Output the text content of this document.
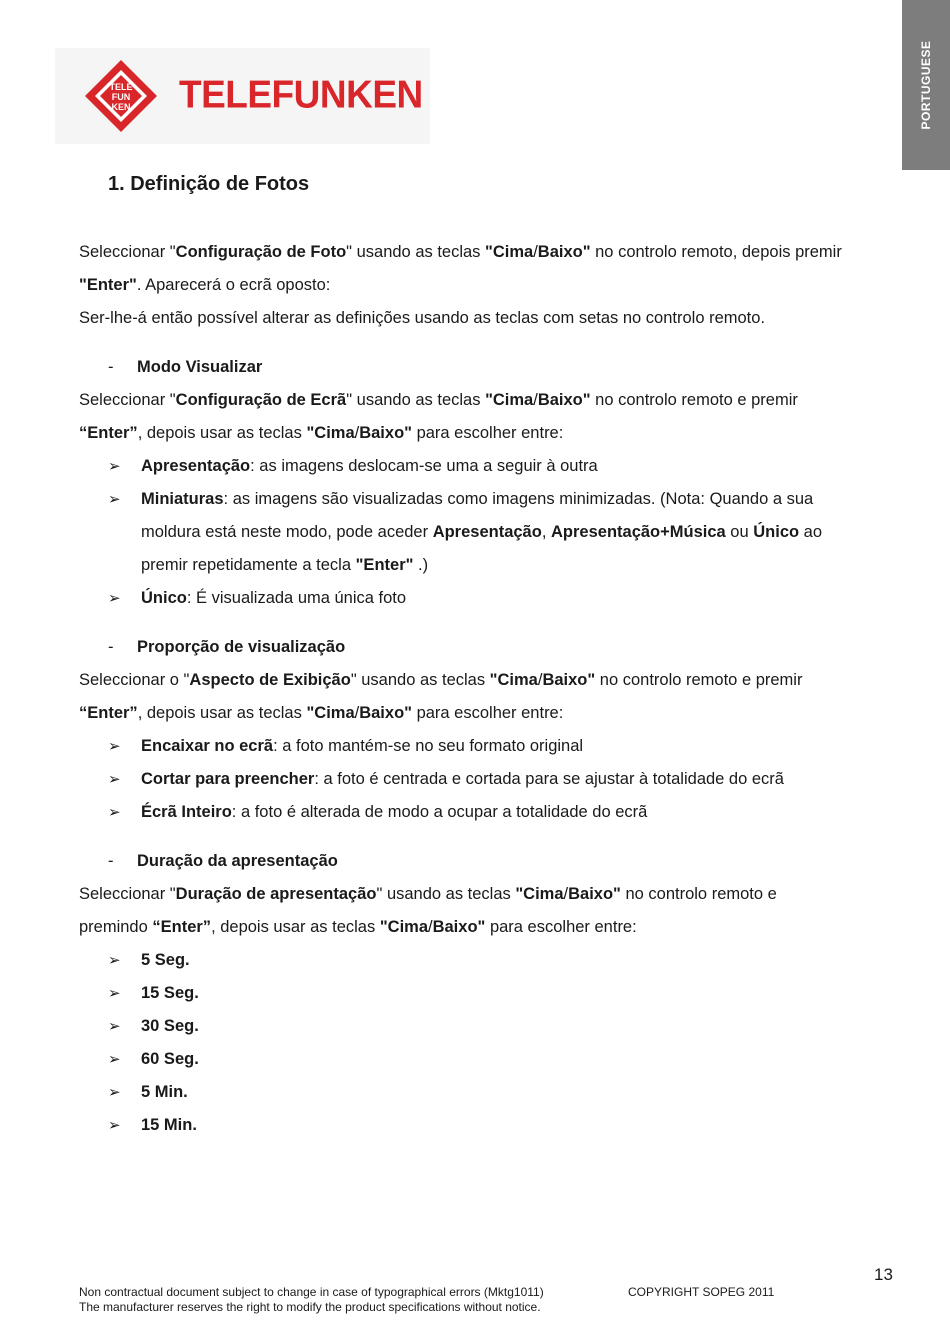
PORTUGUESE
TELE
FUN
KEN TELEFUNKEN
1. Definição de Fotos
Seleccionar "Configuração de Foto" usando as teclas "Cima/Baixo" no controlo remoto, depois premir
"Enter". Aparecerá o ecrã oposto:
Ser-lhe-á então possível alterar as definições usando as teclas com setas no controlo remoto.
- Modo Visualizar
Seleccionar "Configuração de Ecrã" usando as teclas "Cima/Baixo" no controlo remoto e premir
“Enter”, depois usar as teclas "Cima/Baixo" para escolher entre:
➢ Apresentação: as imagens deslocam-se uma a seguir à outra
➢ Miniaturas: as imagens são visualizadas como imagens minimizadas. (Nota: Quando a sua
moldura está neste modo, pode aceder Apresentação, Apresentação+Música ou Único ao
premir repetidamente a tecla "Enter" .)
➢ Único: É visualizada uma única foto
- Proporção de visualização
Seleccionar o "Aspecto de Exibição" usando as teclas "Cima/Baixo" no controlo remoto e premir
“Enter”, depois usar as teclas "Cima/Baixo" para escolher entre:
➢ Encaixar no ecrã: a foto mantém-se no seu formato original
➢ Cortar para preencher: a foto é centrada e cortada para se ajustar à totalidade do ecrã
➢ Écrã Inteiro: a foto é alterada de modo a ocupar a totalidade do ecrã
- Duração da apresentação
Seleccionar "Duração de apresentação" usando as teclas "Cima/Baixo" no controlo remoto e
premindo “Enter”, depois usar as teclas "Cima/Baixo" para escolher entre:
➢ 5 Seg.
➢ 15 Seg.
➢ 30 Seg.
➢ 60 Seg.
➢ 5 Min.
➢ 15 Min.
13
Non contractual document subject to change in case of typographical errors (Mktg1011)
The manufacturer reserves the right to modify the product specifications without notice.
COPYRIGHT SOPEG 2011
